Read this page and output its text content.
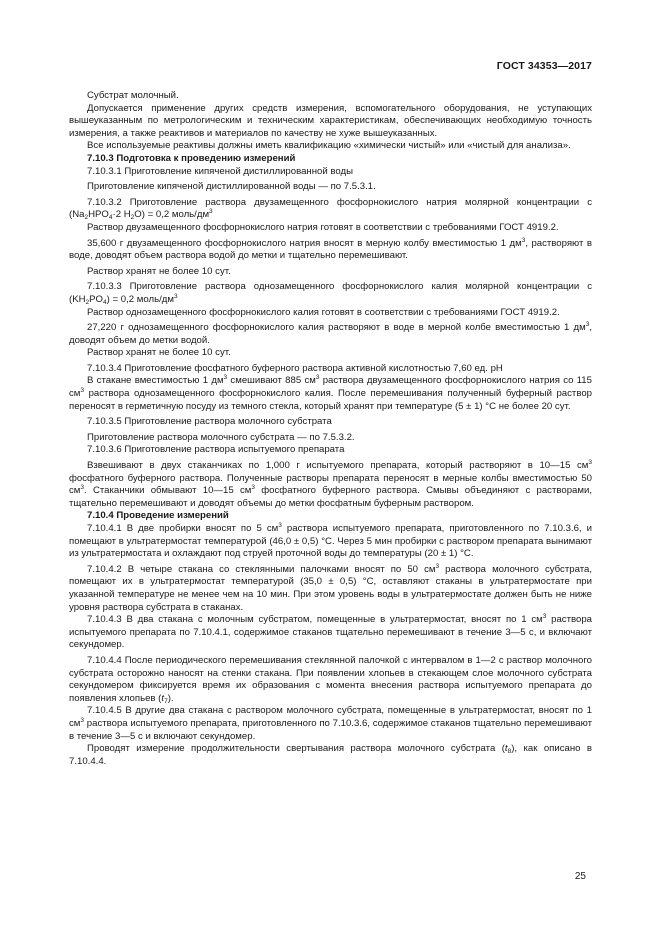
ГОСТ 34353—2017

Субстрат молочный.

Допускается применение других средств измерения, вспомогательного оборудования, не уступающих вышеуказанным по метрологическим и техническим характеристикам, обеспечивающих необходимую точность измерения, а также реактивов и материалов по качеству не хуже вышеуказанных.

Все используемые реактивы должны иметь квалификацию «химически чистый» или «чистый для анализа».

7.10.3 Подготовка к проведению измерений

7.10.3.1 Приготовление кипяченой дистиллированной воды

Приготовление кипяченой дистиллированной воды — по 7.5.3.1.

7.10.3.2 Приготовление раствора двузамещенного фосфорнокислого натрия молярной концентрации с ($Na_2HPO_4\cdot 2$ $H_2O) = 0,2$ моль/$дм^3$

Раствор двузамещенного фосфорнокислого натрия готовят в соответствии с требованиями ГОСТ 4919.2.

35,600 г двузамещенного фосфорнокислого натрия вносят в мерную колбу вместимостью 1 $дм^3$, растворяют в воде, доводят объем раствора водой до метки и тщательно перемешивают.

Раствор хранят не более 10 сут.

7.10.3.3 Приготовление раствора однозамещенного фосфорнокислого калия молярной концентрации с $(KH_2PO_4) = 0,2$ моль/$дм^3$

Раствор однозамещенного фосфорнокислого калия готовят в соответствии с требованиями ГОСТ 4919.2.

27,220 г однозамещенного фосфорнокислого калия растворяют в воде в мерной колбе вместимостью 1 $дм^3$, доводят объем до метки водой.

Раствор хранят не более 10 сут.

7.10.3.4 Приготовление фосфатного буферного раствора активной кислотностью 7,60 ед. pH

В стакане вместимостью 1 $дм^3$ смешивают 885 $см^3$ раствора двузамещенного фосфорнокислого натрия со 115 $см^3$ раствора однозамещенного фосфорнокислого калия. После перемешивания полученный буферный раствор переносят в герметичную посуду из темного стекла, который хранят при температуре (5 ± 1) °С не более 20 сут.

7.10.3.5 Приготовление раствора молочного субстрата

Приготовление раствора молочного субстрата — по 7.5.3.2.

7.10.3.6 Приготовление раствора испытуемого препарата

Взвешивают в двух стаканчиках по 1,000 г испытуемого препарата, который растворяют в 10—15 $см^3$ фосфатного буферного раствора. Полученные растворы препарата переносят в мерные колбы вместимостью 50 $см^3$. Стаканчики обмывают 10—15 $см^3$ фосфатного буферного раствора. Смывы объединяют с растворами, тщательно перемешивают и доводят объемы до метки фосфатным буферным раствором.

7.10.4 Проведение измерений

7.10.4.1 В две пробирки вносят по 5 $см^3$ раствора испытуемого препарата, приготовленного по 7.10.3.6, и помещают в ультратермостат температурой (46,0 ± 0,5) °С. Через 5 мин пробирки с раствором препарата вынимают из ультратермостата и охлаждают под струей проточной воды до температуры (20 ± 1) °С.

7.10.4.2 В четыре стакана со стеклянными палочками вносят по 50 $см^3$ раствора молочного субстрата, помещают их в ультратермостат температурой (35,0 ± 0,5) °С, оставляют стаканы в ультратермостате при указанной температуре не менее чем на 10 мин. При этом уровень воды в ультратермостате должен быть не ниже уровня раствора субстрата в стаканах.

7.10.4.3 В два стакана с молочным субстратом, помещенные в ультратермостат, вносят по 1 $см^3$ раствора испытуемого препарата по 7.10.4.1, содержимое стаканов тщательно перемешивают в течение 3—5 с, и включают секундомер.

7.10.4.4 После периодического перемешивания стеклянной палочкой с интервалом в 1—2 с раствор молочного субстрата осторожно наносят на стенки стакана. При появлении хлопьев в стекающем слое молочного субстрата секундомером фиксируется время их образования с момента внесения раствора испытуемого препарата до появления хлопьев $(t_7)$.

7.10.4.5 В другие два стакана с раствором молочного субстрата, помещенные в ультратермостат, вносят по 1 $см^3$ раствора испытуемого препарата, приготовленного по 7.10.3.6, содержимое стаканов тщательно перемешивают в течение 3—5 с и включают секундомер.

Проводят измерение продолжительности свертывания раствора молочного субстрата $(t_8)$, как описано в 7.10.4.4.

25
